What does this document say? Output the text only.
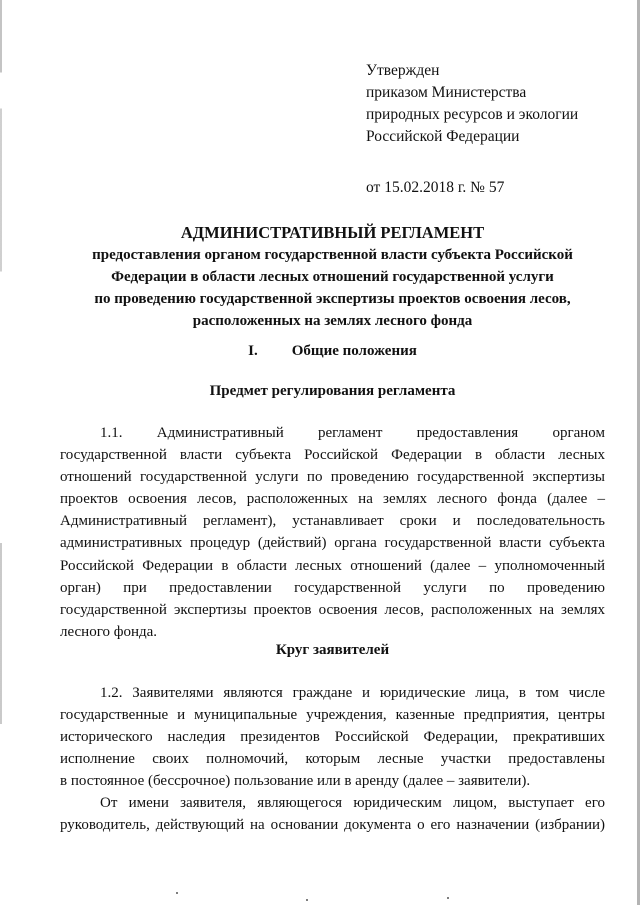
Утвержден
приказом Министерства
природных ресурсов и экологии
Российской Федерации
от 15.02.2018 г. № 57
АДМИНИСТРАТИВНЫЙ РЕГЛАМЕНТ
предоставления органом государственной власти субъекта Российской
Федерации в области лесных отношений государственной услуги
по проведению государственной экспертизы проектов освоения лесов,
расположенных на землях лесного фонда
I. Общие положения
Предмет регулирования регламента
1.1. Административный регламент предоставления органом
государственной власти субъекта Российской Федерации в области лесных
отношений государственной услуги по проведению государственной экспертизы
проектов освоения лесов, расположенных на землях лесного фонда (далее –
Административный регламент), устанавливает сроки и последовательность
административных процедур (действий) органа государственной власти субъекта
Российской Федерации в области лесных отношений (далее – уполномоченный
орган) при предоставлении государственной услуги по проведению
государственной экспертизы проектов освоения лесов, расположенных на землях
лесного фонда.
Круг заявителей
1.2. Заявителями являются граждане и юридические лица, в том числе
государственные и муниципальные учреждения, казенные предприятия, центры
исторического наследия президентов Российской Федерации, прекративших
исполнение своих полномочий, которым лесные участки предоставлены
в постоянное (бессрочное) пользование или в аренду (далее – заявители).
От имени заявителя, являющегося юридическим лицом, выступает его
руководитель, действующий на основании документа о его назначении (избрании)
